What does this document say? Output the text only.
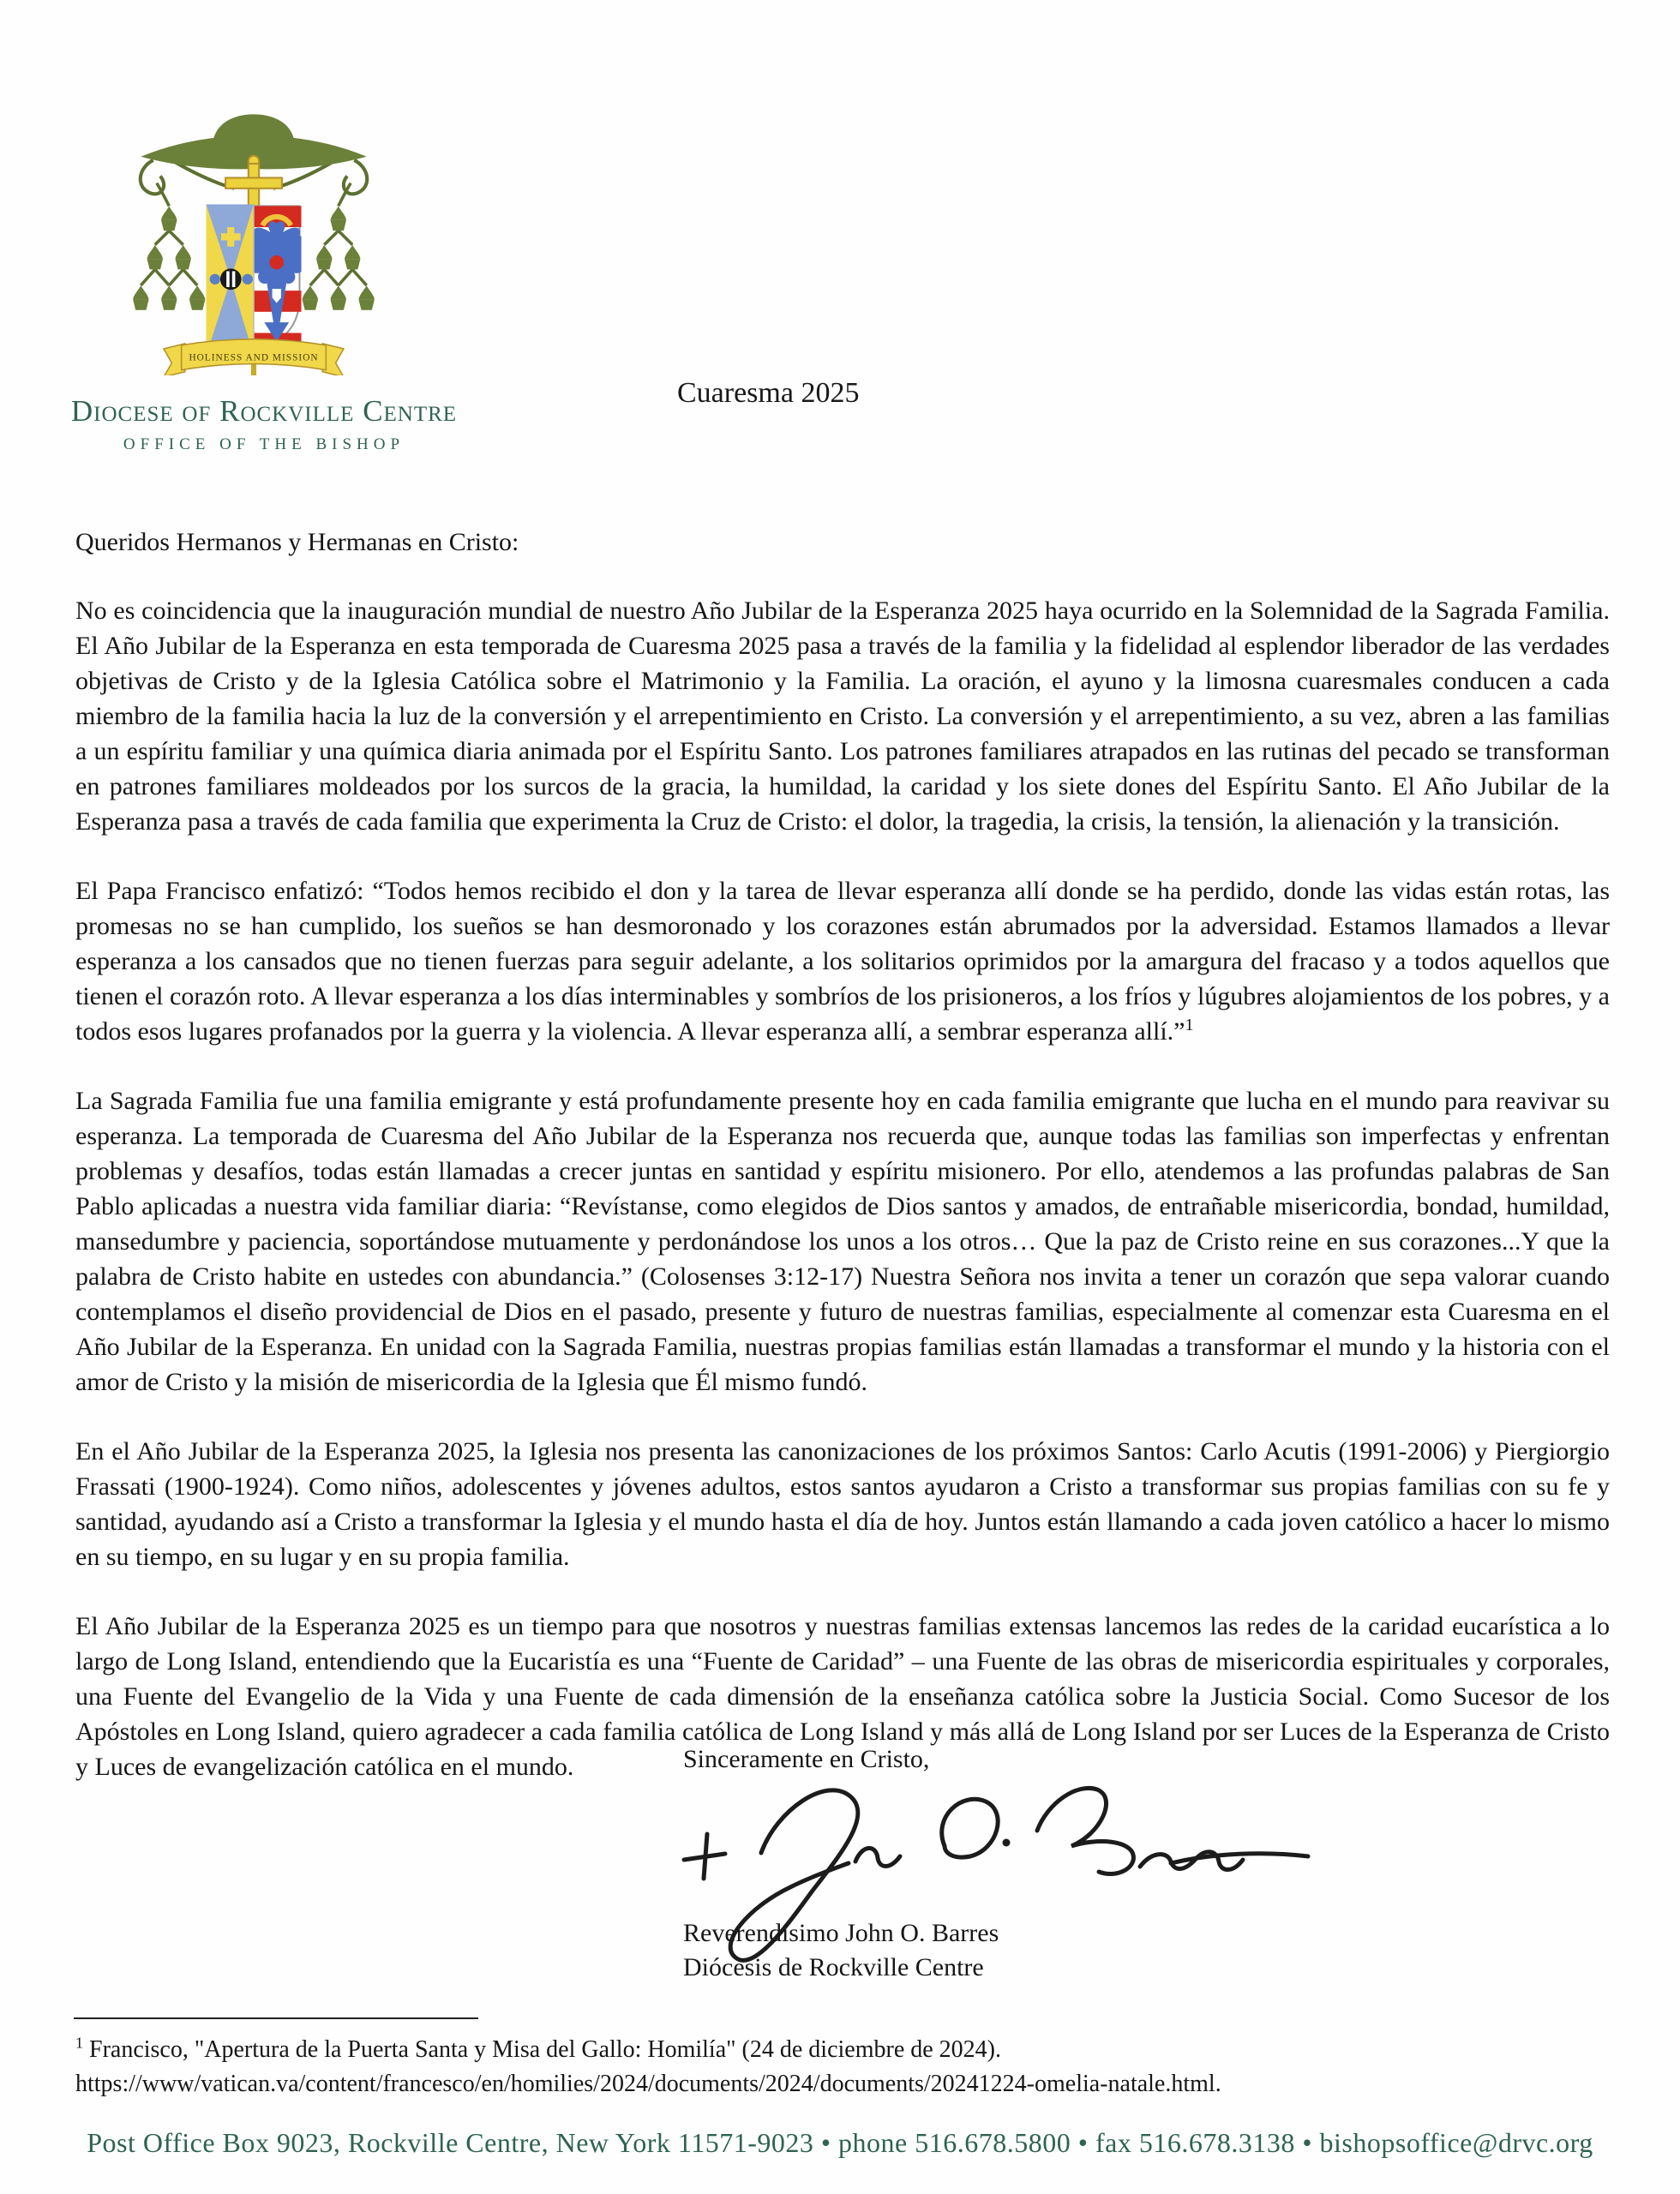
HOLINESS AND MISSION
Diocese of Rockville Centre
OFFICE OF THE BISHOP
Cuaresma 2025

Queridos Hermanos y Hermanas en Cristo:

No es coincidencia que la inauguración mundial de nuestro Año Jubilar de la Esperanza 2025 haya ocurrido en la Solemnidad de la Sagrada Familia. El Año Jubilar de la Esperanza en esta temporada de Cuaresma 2025 pasa a través de la familia y la fidelidad al esplendor liberador de las verdades objetivas de Cristo y de la Iglesia Católica sobre el Matrimonio y la Familia. La oración, el ayuno y la limosna cuaresmales conducen a cada miembro de la familia hacia la luz de la conversión y el arrepentimiento en Cristo. La conversión y el arrepentimiento, a su vez, abren a las familias a un espíritu familiar y una química diaria animada por el Espíritu Santo. Los patrones familiares atrapados en las rutinas del pecado se transforman en patrones familiares moldeados por los surcos de la gracia, la humildad, la caridad y los siete dones del Espíritu Santo. El Año Jubilar de la Esperanza pasa a través de cada familia que experimenta la Cruz de Cristo: el dolor, la tragedia, la crisis, la tensión, la alienación y la transición.

El Papa Francisco enfatizó: “Todos hemos recibido el don y la tarea de llevar esperanza allí donde se ha perdido, donde las vidas están rotas, las promesas no se han cumplido, los sueños se han desmoronado y los corazones están abrumados por la adversidad. Estamos llamados a llevar esperanza a los cansados que no tienen fuerzas para seguir adelante, a los solitarios oprimidos por la amargura del fracaso y a todos aquellos que tienen el corazón roto. A llevar esperanza a los días interminables y sombríos de los prisioneros, a los fríos y lúgubres alojamientos de los pobres, y a todos esos lugares profanados por la guerra y la violencia. A llevar esperanza allí, a sembrar esperanza allí.”$^1$

La Sagrada Familia fue una familia emigrante y está profundamente presente hoy en cada familia emigrante que lucha en el mundo para reavivar su esperanza. La temporada de Cuaresma del Año Jubilar de la Esperanza nos recuerda que, aunque todas las familias son imperfectas y enfrentan problemas y desafíos, todas están llamadas a crecer juntas en santidad y espíritu misionero. Por ello, atendemos a las profundas palabras de San Pablo aplicadas a nuestra vida familiar diaria: “Revístanse, como elegidos de Dios santos y amados, de entrañable misericordia, bondad, humildad, mansedumbre y paciencia, soportándose mutuamente y perdonándose los unos a los otros… Que la paz de Cristo reine en sus corazones...Y que la palabra de Cristo habite en ustedes con abundancia.” (Colosenses 3:12-17) Nuestra Señora nos invita a tener un corazón que sepa valorar cuando contemplamos el diseño providencial de Dios en el pasado, presente y futuro de nuestras familias, especialmente al comenzar esta Cuaresma en el Año Jubilar de la Esperanza. En unidad con la Sagrada Familia, nuestras propias familias están llamadas a transformar el mundo y la historia con el amor de Cristo y la misión de misericordia de la Iglesia que Él mismo fundó.

En el Año Jubilar de la Esperanza 2025, la Iglesia nos presenta las canonizaciones de los próximos Santos: Carlo Acutis (1991-2006) y Piergiorgio Frassati (1900-1924). Como niños, adolescentes y jóvenes adultos, estos santos ayudaron a Cristo a transformar sus propias familias con su fe y santidad, ayudando así a Cristo a transformar la Iglesia y el mundo hasta el día de hoy. Juntos están llamando a cada joven católico a hacer lo mismo en su tiempo, en su lugar y en su propia familia.

El Año Jubilar de la Esperanza 2025 es un tiempo para que nosotros y nuestras familias extensas lancemos las redes de la caridad eucarística a lo largo de Long Island, entendiendo que la Eucaristía es una “Fuente de Caridad” – una Fuente de las obras de misericordia espirituales y corporales, una Fuente del Evangelio de la Vida y una Fuente de cada dimensión de la enseñanza católica sobre la Justicia Social. Como Sucesor de los Apóstoles en Long Island, quiero agradecer a cada familia católica de Long Island y más allá de Long Island por ser Luces de la Esperanza de Cristo y Luces de evangelización católica en el mundo.	Sinceramente en Cristo,
Reverendísimo John O. Barres
Diócesis de Rockville Centre
$^1$ Francisco, "Apertura de la Puerta Santa y Misa del Gallo: Homilía" (24 de diciembre de 2024).
https://www/vatican.va/content/francesco/en/homilies/2024/documents/2024/documents/20241224-omelia-natale.html.
Post Office Box 9023, Rockville Centre, New York 11571-9023 • phone 516.678.5800 • fax 516.678.3138 • bishopsoffice@drvc.org
